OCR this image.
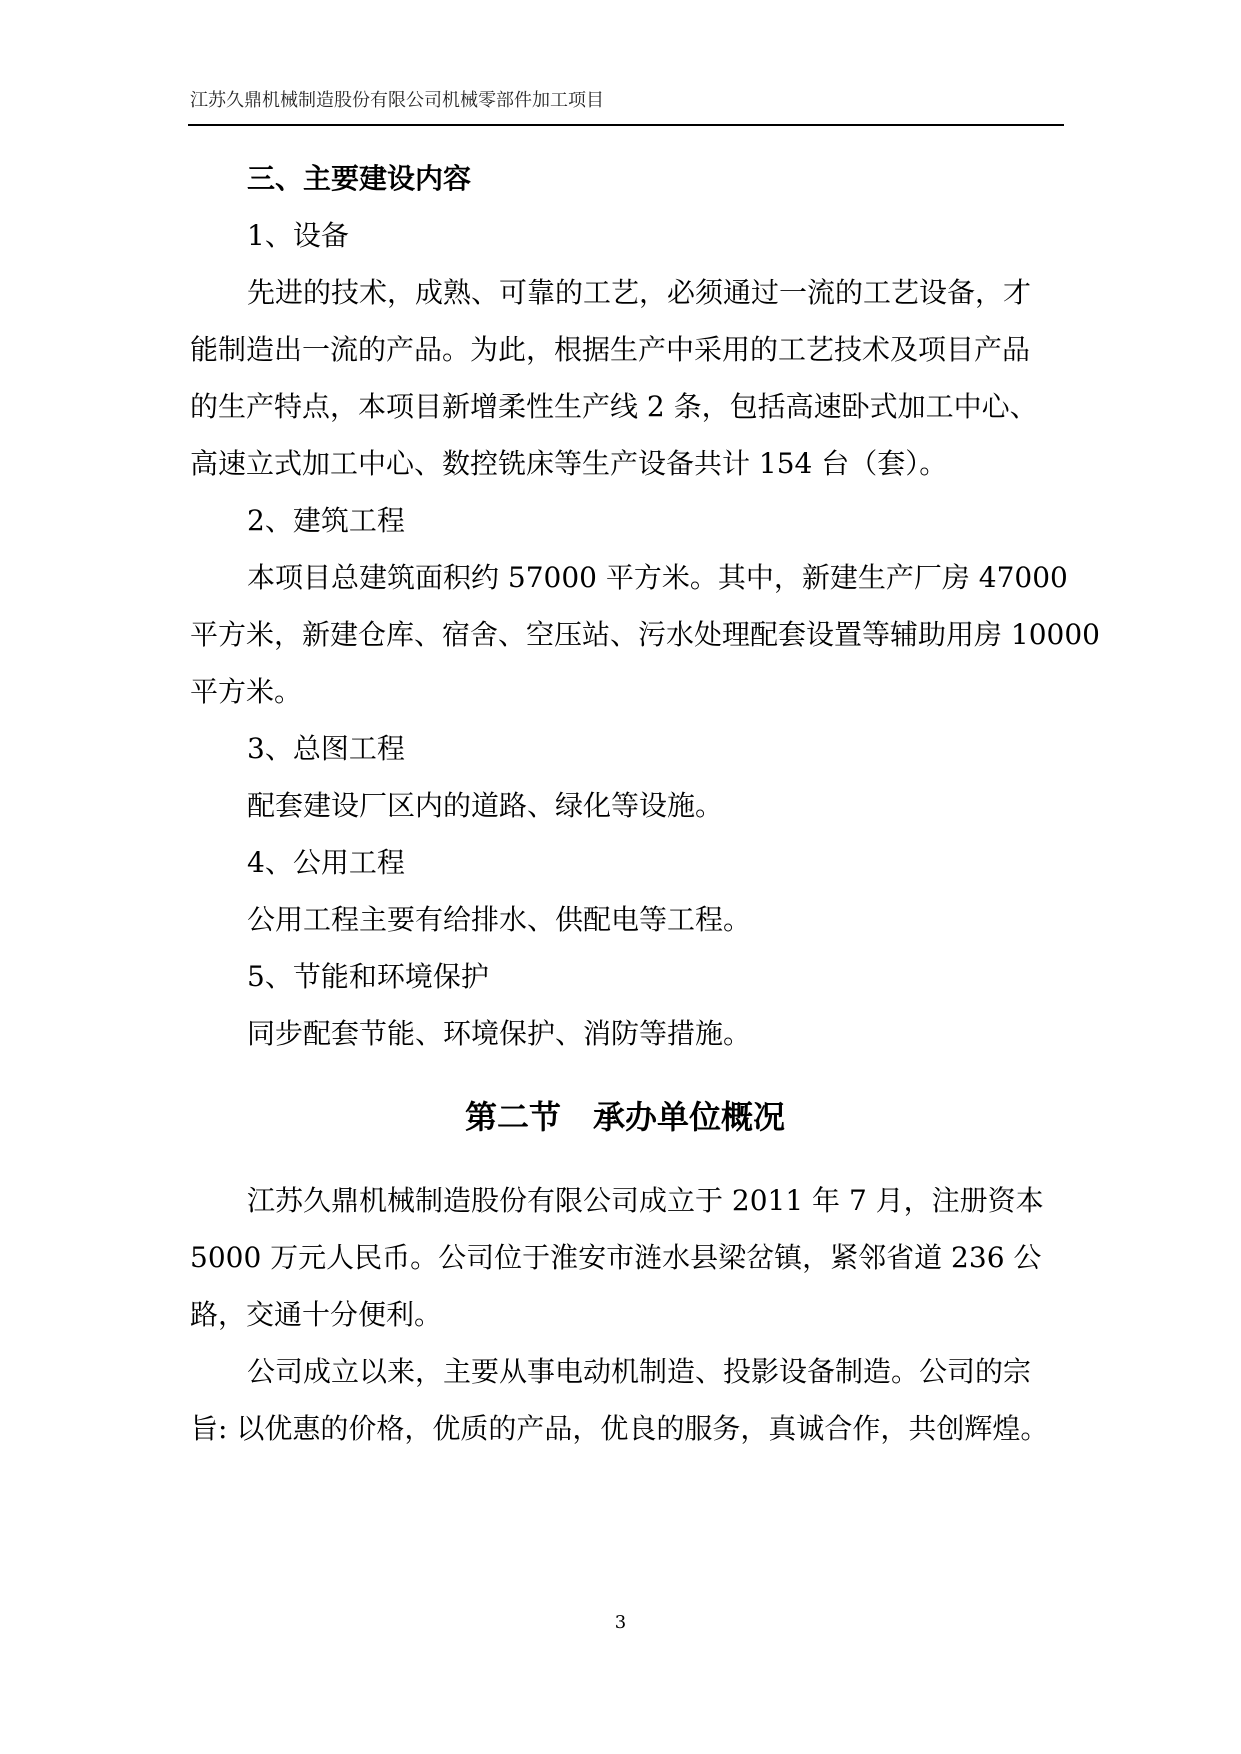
江苏久鼎机械制造股份有限公司机械零部件加工项目
三、主要建设内容
1、设备
先进的技术，成熟、可靠的工艺，必须通过一流的工艺设备，才
能制造出一流的产品。为此，根据生产中采用的工艺技术及项目产品
的生产特点，本项目新增柔性生产线 2 条，包括高速卧式加工中心、
高速立式加工中心、数控铣床等生产设备共计 154 台（套）。
2、建筑工程
本项目总建筑面积约 57000 平方米。其中，新建生产厂房 47000
平方米，新建仓库、宿舍、空压站、污水处理配套设置等辅助用房 10000
平方米。
3、总图工程
配套建设厂区内的道路、绿化等设施。
4、公用工程
公用工程主要有给排水、供配电等工程。
5、节能和环境保护
同步配套节能、环境保护、消防等措施。
第二节　承办单位概况
江苏久鼎机械制造股份有限公司成立于 2011 年 7 月，注册资本
5000 万元人民币。公司位于淮安市涟水县梁岔镇，紧邻省道 236 公
路，交通十分便利。
公司成立以来，主要从事电动机制造、投影设备制造。公司的宗
旨: 以优惠的价格，优质的产品，优良的服务，真诚合作，共创辉煌。
3
